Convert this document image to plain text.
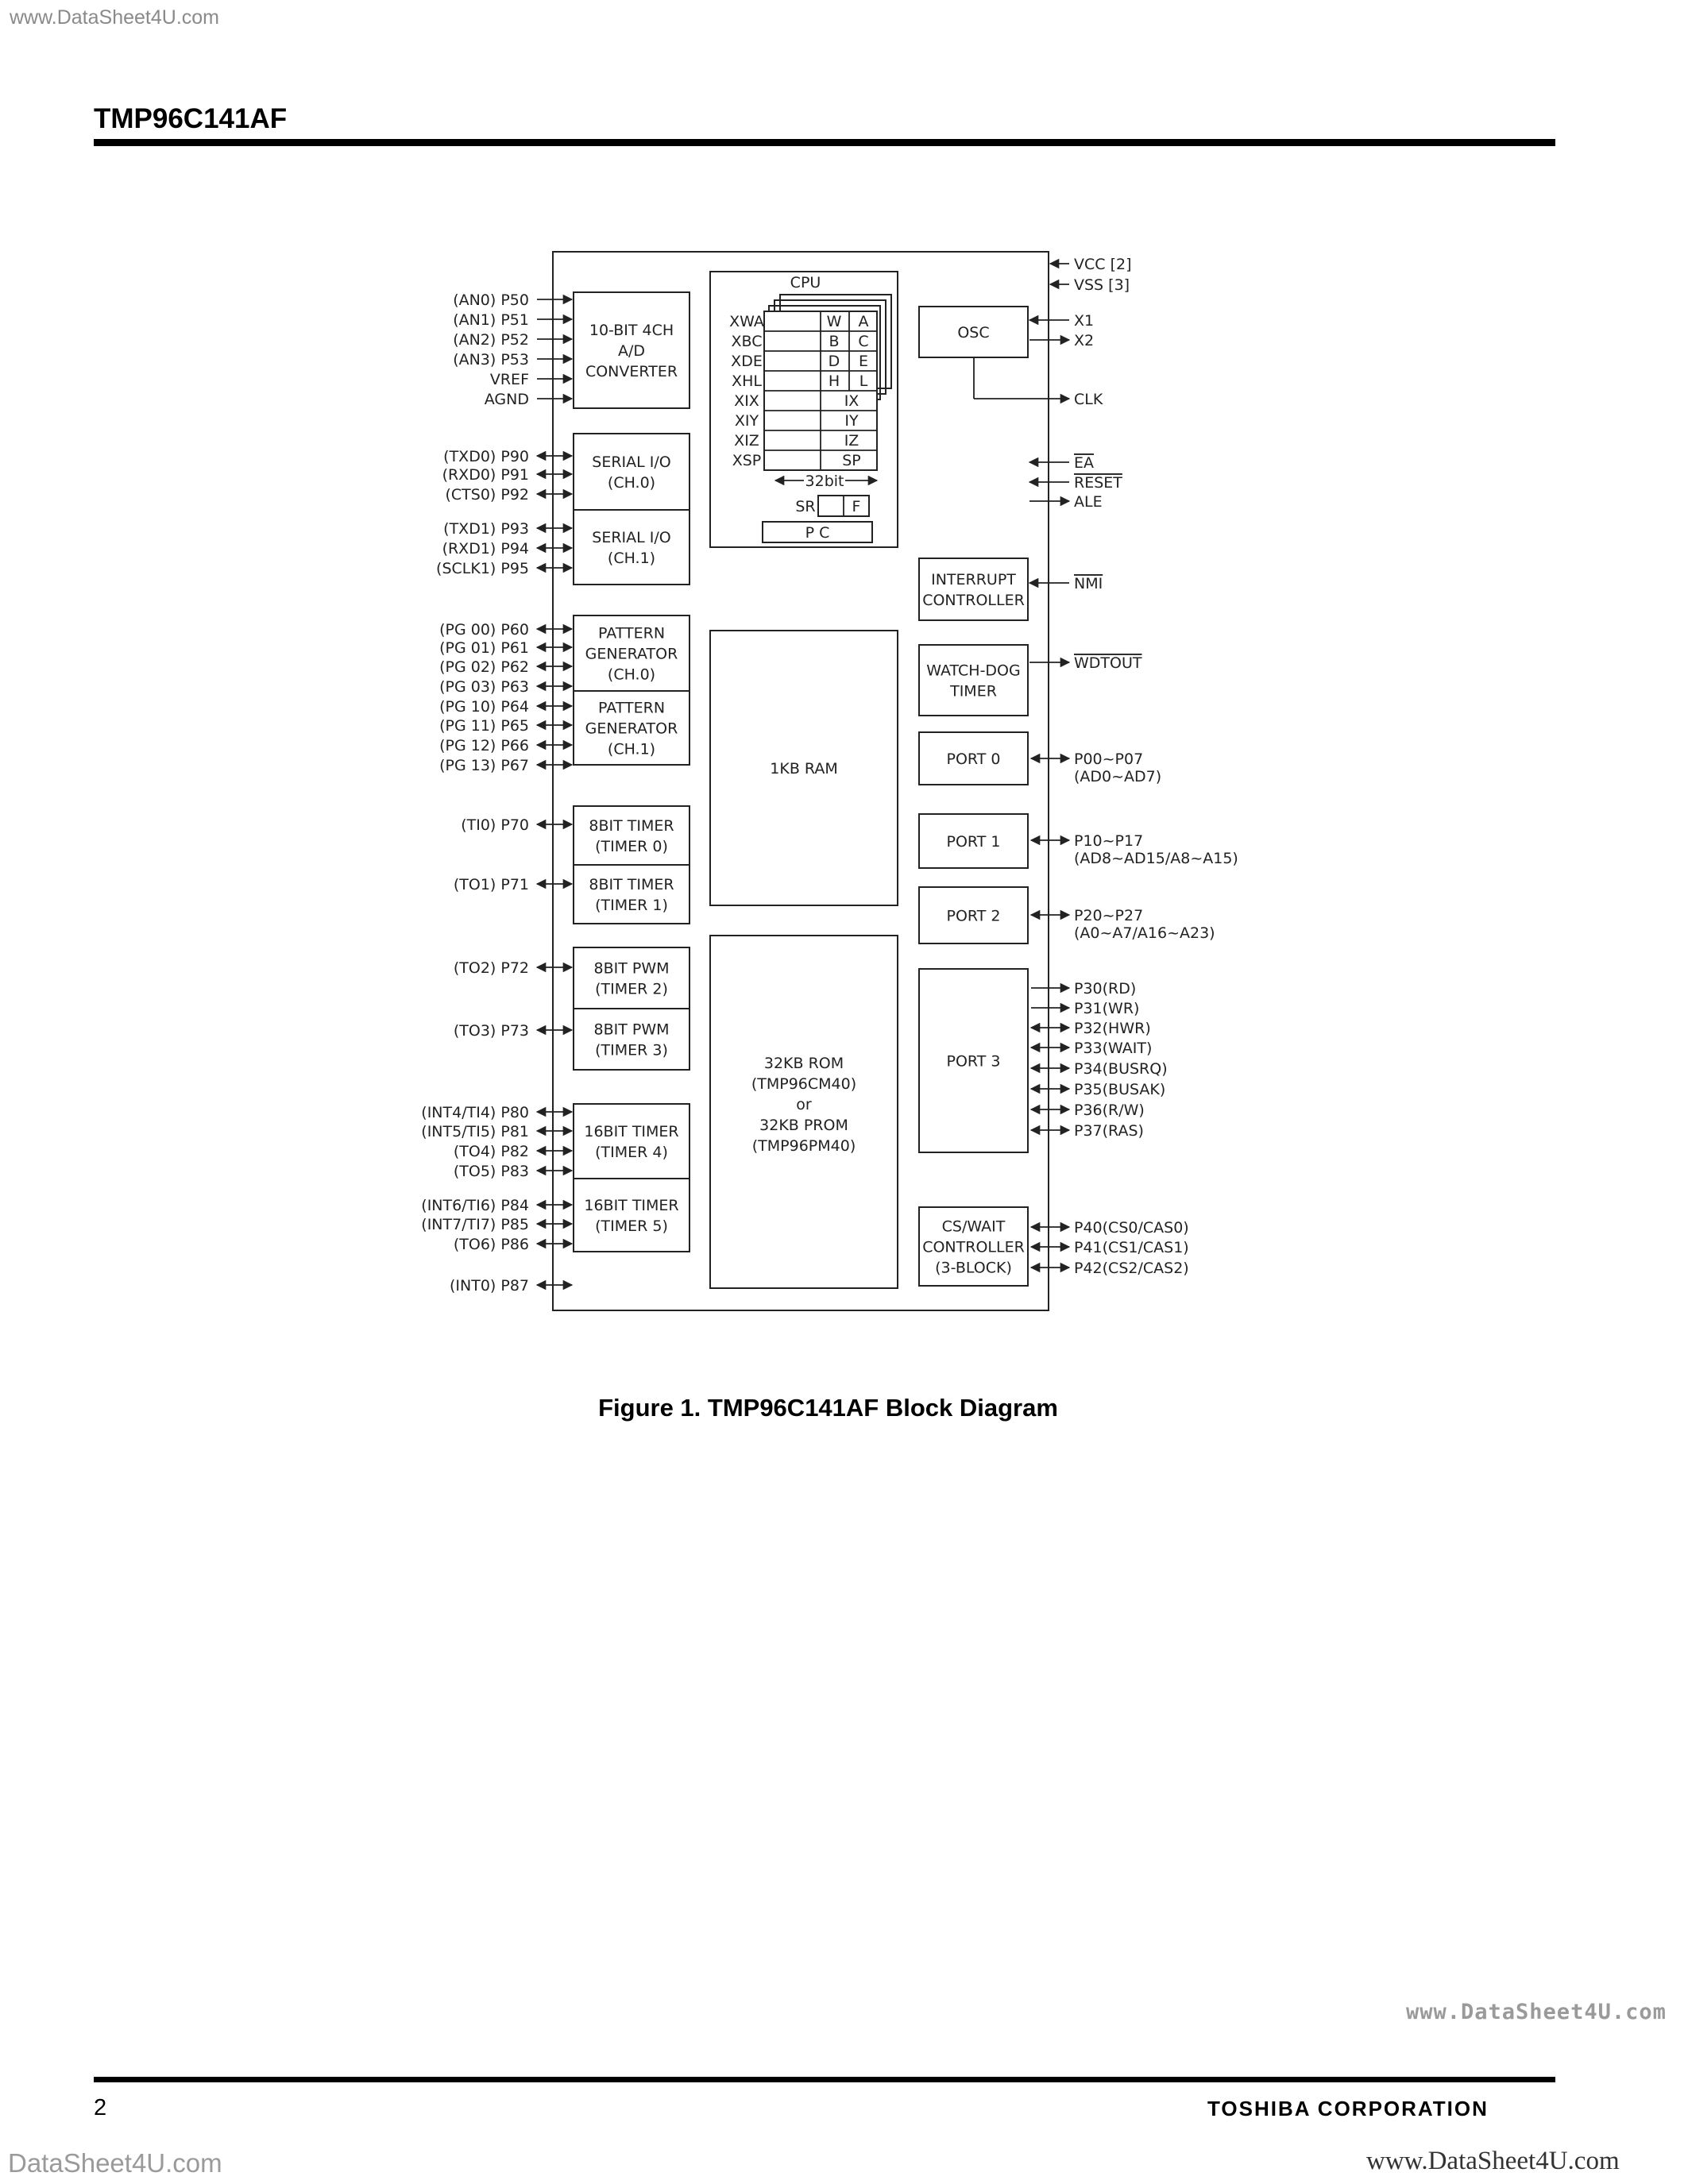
www.DataSheet4U.com
TMP96C141AF
10-BIT 4CH
A/D
CONVERTER
SERIAL I/O
(CH.0)
SERIAL I/O
(CH.1)
PATTERN
GENERATOR
(CH.0)
PATTERN
GENERATOR
(CH.1)
8BIT TIMER
(TIMER 0)
8BIT TIMER
(TIMER 1)
8BIT PWM
(TIMER 2)
8BIT PWM
(TIMER 3)
16BIT TIMER
(TIMER 4)
16BIT TIMER
(TIMER 5)
(AN0) P50
(AN1) P51
(AN2) P52
(AN3) P53
VREF
AGND
(TXD0) P90
(RXD0) P91
(CTS0) P92
(TXD1) P93
(RXD1) P94
(SCLK1) P95
(PG 00) P60
(PG 01) P61
(PG 02) P62
(PG 03) P63
(PG 10) P64
(PG 11) P65
(PG 12) P66
(PG 13) P67
(TI0) P70
(TO1) P71
(TO2) P72
(TO3) P73
(INT4/TI4) P80
(INT5/TI5) P81
(TO4) P82
(TO5) P83
(INT6/TI6) P84
(INT7/TI7) P85
(TO6) P86
(INT0) P87
CPU
XWA	W A
XBC	B C
XDE	D E
XHL	H L
XIX	IX
XIY	IY
XIZ	IZ
XSP	SP
32bit
SR F
P C
1KB RAM
32KB ROM
(TMP96CM40)
or
32KB PROM
(TMP96PM40)
OSC
INTERRUPT
CONTROLLER
WATCH-DOG
TIMER
PORT 0
PORT 1
PORT 2
PORT 3
CS/WAIT
CONTROLLER
(3-BLOCK)
VCC [2]
VSS [3]
X1
X2
CLK
EA
RESET
ALE
NMI
WDTOUT
P00~P07
(AD0~AD7)
P10~P17
(AD8~AD15/A8~A15)
P20~P27
(A0~A7/A16~A23)
P30(RD)
P31(WR)
P32(HWR)
P33(WAIT)
P34(BUSRQ)
P35(BUSAK)
P36(R/W)
P37(RAS)
P40(CS0/CAS0)
P41(CS1/CAS1)
P42(CS2/CAS2)
Figure 1. TMP96C141AF Block Diagram
www.DataSheet4U.com
2	TOSHIBA CORPORATION
DataSheet4U.com	www.DataSheet4U.com
